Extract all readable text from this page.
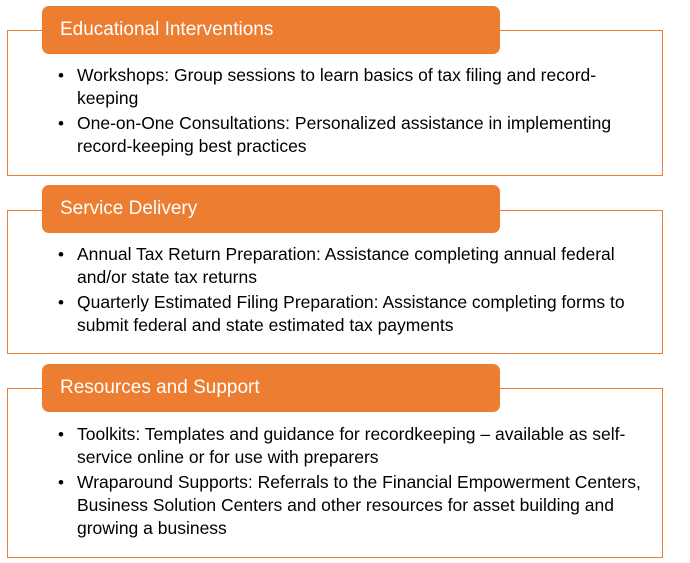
Educational Interventions
• Workshops: Group sessions to learn basics of tax filing and record-keeping
• One-on-One Consultations: Personalized assistance in implementing record-keeping best practices
Service Delivery
• Annual Tax Return Preparation: Assistance completing annual federal and/or state tax returns
• Quarterly Estimated Filing Preparation: Assistance completing forms to submit federal and state estimated tax payments
Resources and Support
• Toolkits: Templates and guidance for recordkeeping – available as self-service online or for use with preparers
• Wraparound Supports: Referrals to the Financial Empowerment Centers, Business Solution Centers and other resources for asset building and growing a business
